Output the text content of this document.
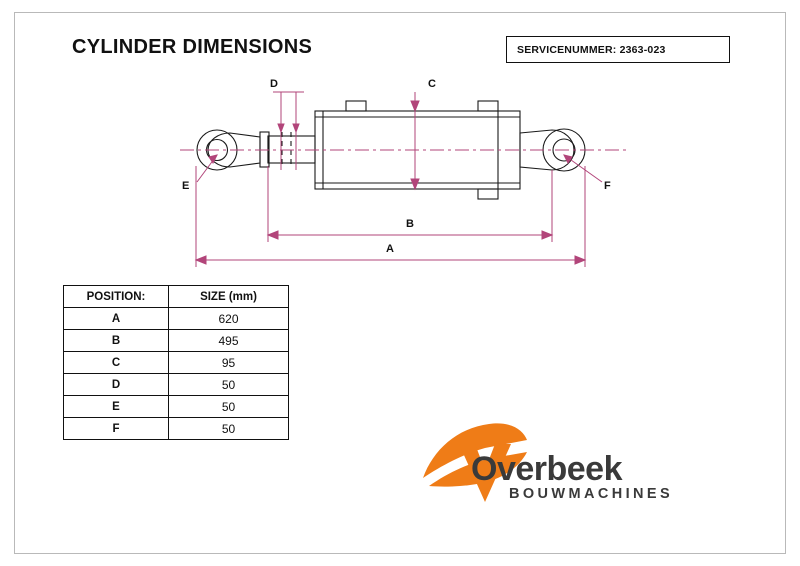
CYLINDER DIMENSIONS	SERVICENUMMER: 2363-023
D	C
E	F
B
A
POSITION:	SIZE (mm)
A	620
B	495
C	95
D	50
E	50
F	50
Overbeek
BOUWMACHINES
